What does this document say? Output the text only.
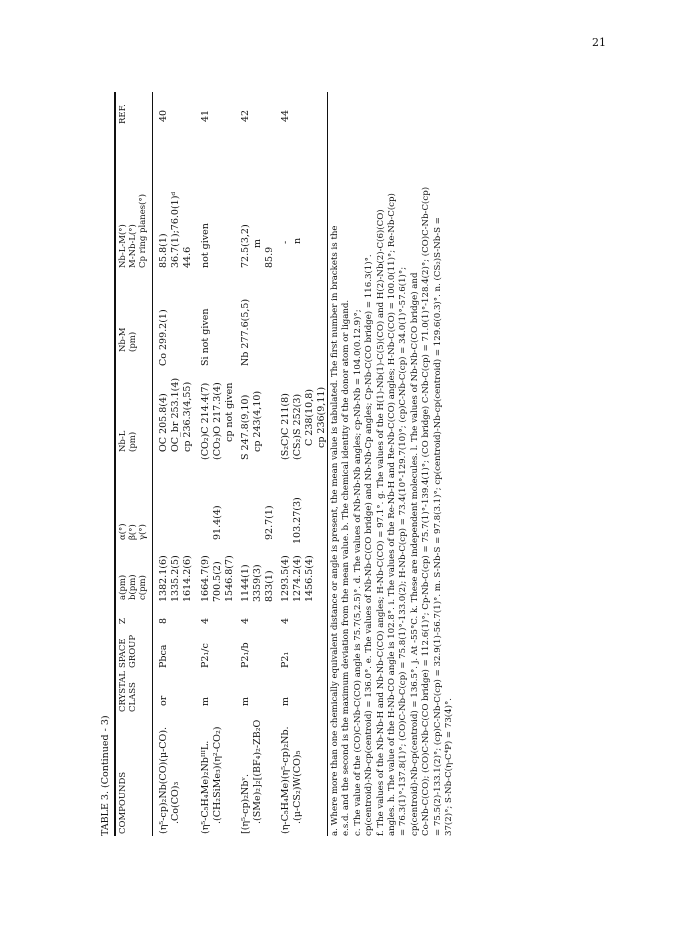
21
TABLE 3. (Continued - 3) COMPOUNDS
CRYSTAL CLASS
SPACE GROUP
Z
a(pm) b(pm) c(pm)
α(°) β(°) γ(°)
Nb-L (pm)
Nb-M (pm)
Nb-L-M(°) M-Nb-L(°) Cp ring planes(°)
REF.
(η⁵-cp)₂Nb(CO)(μ-CO). .Co(CO)₃
or
Pbca
8
1382.1(6) 1335.2(5) 1614.2(6)
OC 205.8(4) OC_br 253.1(4) cp 236.3(4,55)
Co 299.2(1)
85.8(1) 36.7(1);76.0(1)ᵈ 44.6
40
(η⁵-C₅H₄Me)₂NbᴵᴵᴵL. .(CH₂SiMe₃)(η²-CO₂)
m
P2₁/c
4
1664.7(9) 700.5(2) 1546.8(7)
91.4(4)
(CO₂)C 214.4(7) (CO₂)O 217.3(4) cp not given
Si not given
not given
41
[(η⁵-cp)₂Nbᵛ. .(SMe)₂]₂[(BF₄)₂-ZB₂O
m
P2₁/b
4
1144(1) 3359(3) 833(1)
92.7(1)
S 247.8(9,10) cp 243(4,10)
Nb 277.6(5,5)
72.5(3,2) m
85.9
42
(η-C₅H₄Me)(η⁵-cp)₂Nb. .(μ-CS₂)W(CO)₅
m
P2₁
4
1293.5(4) 1274.2(4) 1456.5(4)
103.27(3)
(S₂C)C 211(8) (CS₂)S 252(3) C 238(10,8) cp 236(9,11)
- n
44

a. Where more than one chemically equivalent distance or angle is present, the mean value is tabulated. The first number in brackets is the e.s.d. and the second is the maximum deviation from the mean value. b. The chemical identity of the donor atom or ligand. c. The value of the (CO)C-Nb-C(CO) angle is 75.7(5,2.5)°. d. The values of Nb-Nb-Nb angles; cp-Nb-Nb = 104.0(0.12.9)°; cp(centroid)-Nb-cp(centroid) = 136.0°. e. The values of Nb-Nb-C(CO bridge) and Nb-Nb-Cp angles; Cp-Nb-C(CO bridge) = 116.3(1)°. f. The values of the Nb-Nb-H and Nb-Nb-C(CO) angles; H-Nb-C(CO) = 97.1°. g. The values of the H(1)-Nb(1)-C(5)(CO) and H(2)-Nb(2)-C(6)(CO) angles. h. The value of the H-Nb-CO angle is 102.8°. i. The values of the Re-Nb-H and Re-Nb-C(CO) angles; H-Nb-C(CO) = 100.0(11)°; Re-Nb-C(cp) = 76.3(1)°-137.8(1)°; (CO)C-Nb-C(cp) = 75.8(1)°-133.0(2); H-Nb-C(cp) = 73.4(10°-129.7(10)°; (cp)C-Nb-C(cp) = 34.0(1)°-57.6(1)°; cp(centroid)-Nb-cp(centroid) = 136.5°. j. At -55°C. k. These are independent molecules. l. The values of Nb-Nb-C(CO bridge) and Co-Nb-C(CO); (CO)C-Nb-C(CO bridge) = 112.6(1)°; Cp-Nb-C(cp) = 75.7(1)°-139.4(1)°; (CO bridge) C-Nb-C(cp) = 71.0(1)°-128.4(2)°; (CO)C-Nb-C(cp) = 75.5(2)-133.1(2)°; (cp)C-Nb-C(cp) = 32.9(1)-56.7(1)°. m. S-Nb-S = 97.8(3.1)°; cp(centroid)-Nb-cp(centroid) = 129.6(0.3)°. n. (CS₂)S-Nb-S = 37(2)°; S-Nb-C(η-C⁴P) = 73(4)°.
